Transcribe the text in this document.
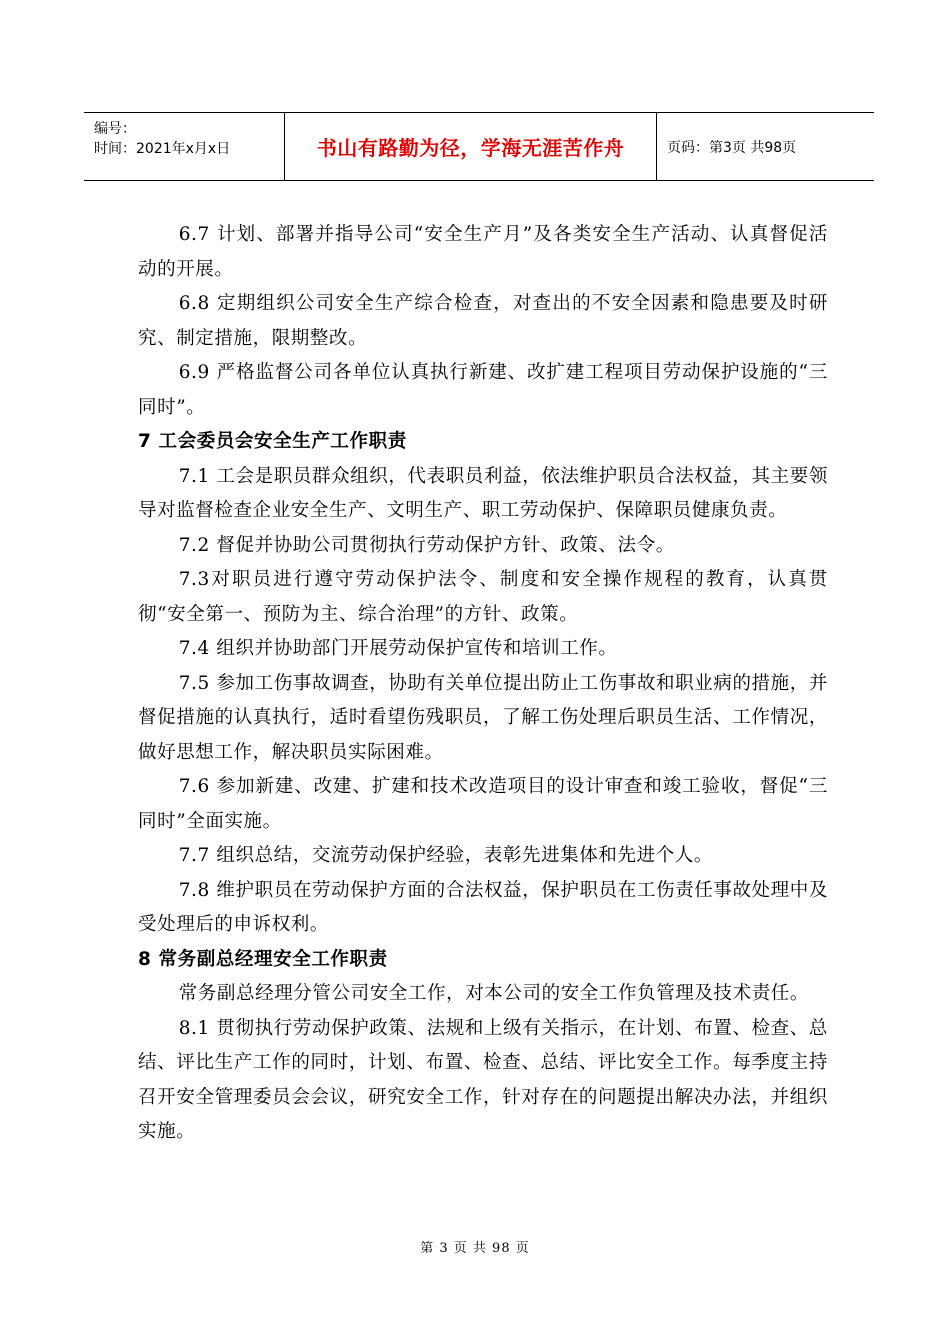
编号：
时间：2021年x月x日	书山有路勤为径，学海无涯苦作舟	页码：第3页 共98页

6.7 计划、部署并指导公司“安全生产月”及各类安全生产活动、认真督促活动的开展。

6.8 定期组织公司安全生产综合检查，对查出的不安全因素和隐患要及时研究、制定措施，限期整改。

6.9 严格监督公司各单位认真执行新建、改扩建工程项目劳动保护设施的“三同时”。

7 工会委员会安全生产工作职责

7.1 工会是职员群众组织，代表职员利益，依法维护职员合法权益，其主要领导对监督检查企业安全生产、文明生产、职工劳动保护、保障职员健康负责。

7.2 督促并协助公司贯彻执行劳动保护方针、政策、法令。

7.3对职员进行遵守劳动保护法令、制度和安全操作规程的教育，认真贯彻“安全第一、预防为主、综合治理”的方针、政策。

7.4 组织并协助部门开展劳动保护宣传和培训工作。

7.5 参加工伤事故调查，协助有关单位提出防止工伤事故和职业病的措施，并督促措施的认真执行，适时看望伤残职员，了解工伤处理后职员生活、工作情况，做好思想工作，解决职员实际困难。

7.6 参加新建、改建、扩建和技术改造项目的设计审查和竣工验收，督促“三同时”全面实施。

7.7 组织总结，交流劳动保护经验，表彰先进集体和先进个人。

7.8 维护职员在劳动保护方面的合法权益，保护职员在工伤责任事故处理中及受处理后的申诉权利。

8 常务副总经理安全工作职责

常务副总经理分管公司安全工作，对本公司的安全工作负管理及技术责任。

8.1 贯彻执行劳动保护政策、法规和上级有关指示，在计划、布置、检查、总结、评比生产工作的同时，计划、布置、检查、总结、评比安全工作。每季度主持召开安全管理委员会会议，研究安全工作，针对存在的问题提出解决办法，并组织实施。

第 3 页 共 98 页
